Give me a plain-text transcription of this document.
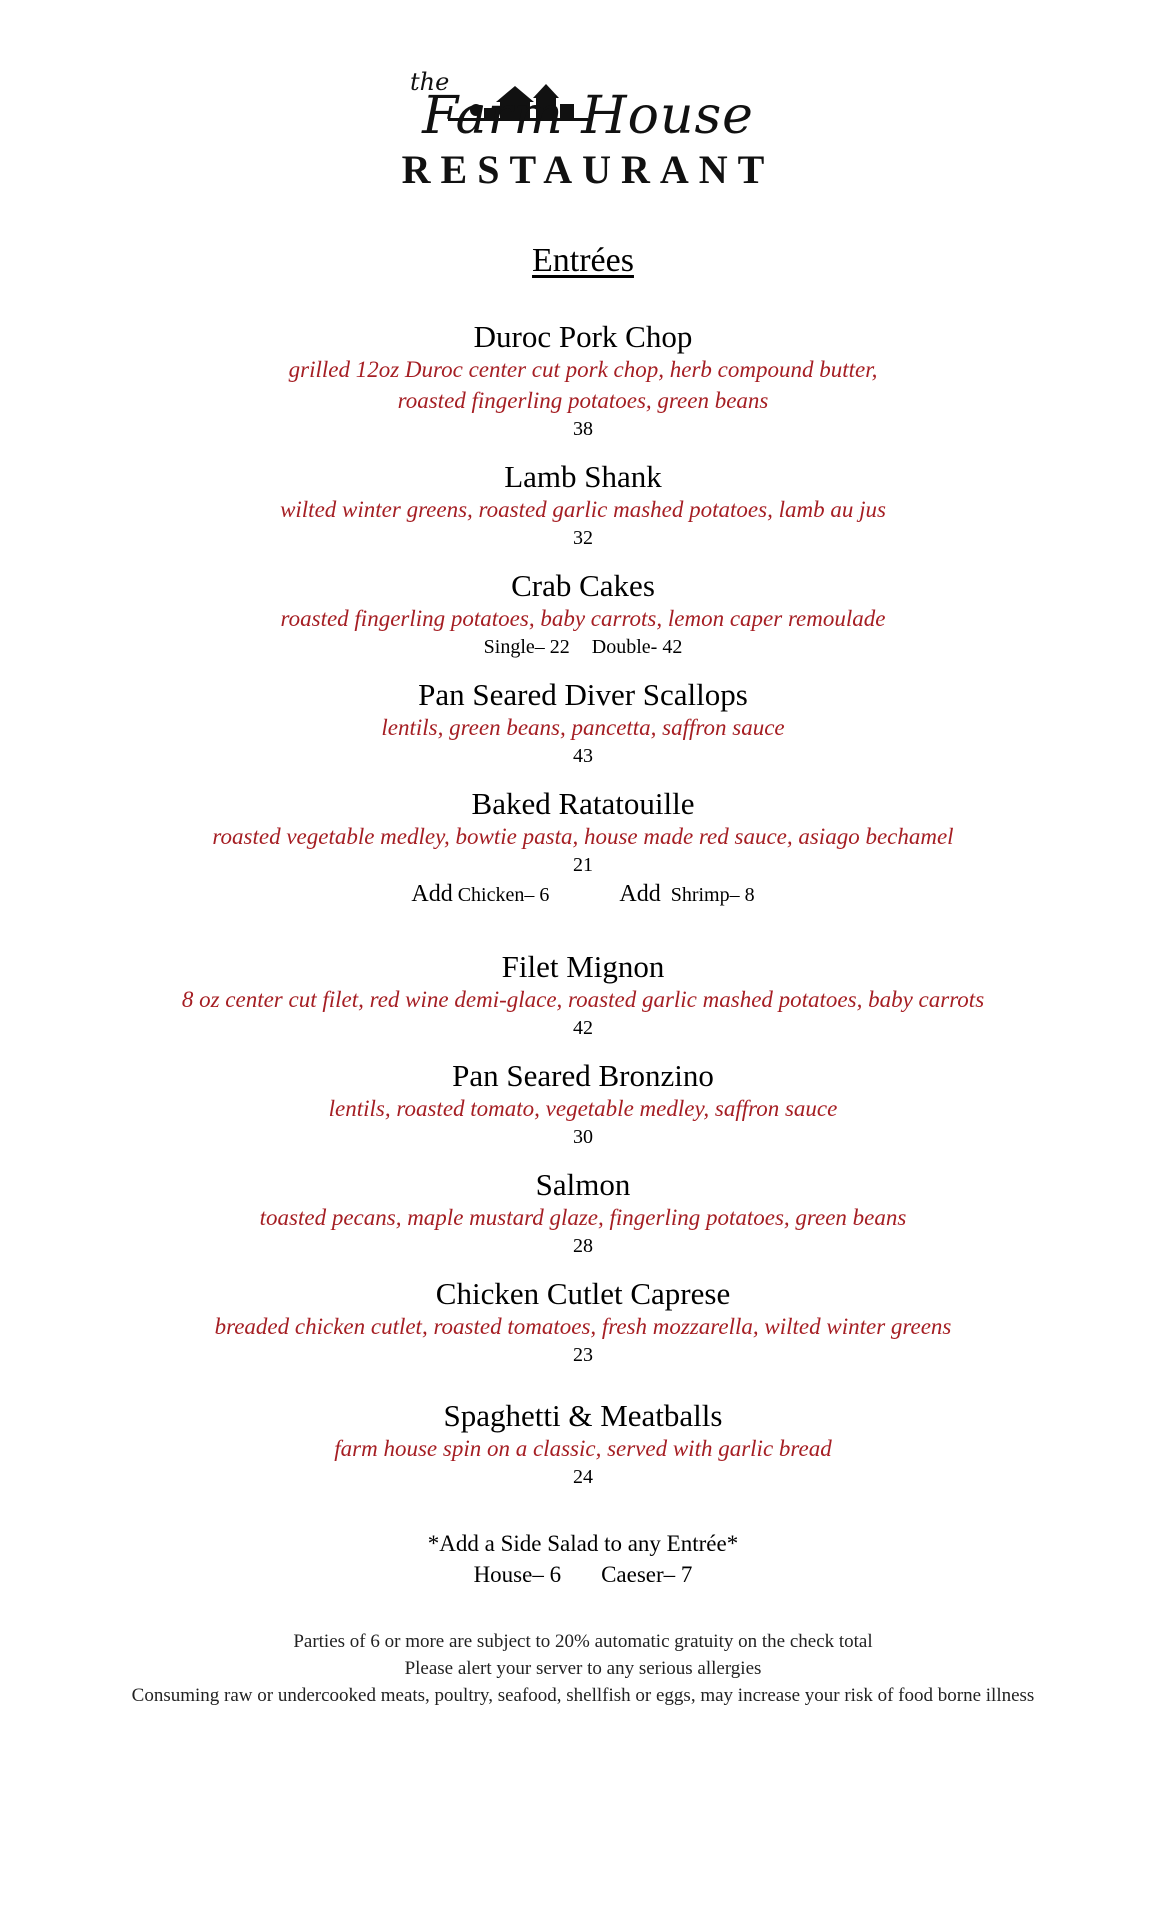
the
Farm House
RESTAURANT
Entrées
Duroc Pork Chop
grilled 12oz Duroc center cut pork chop, herb compound butter,
roasted fingerling potatoes, green beans
38
Lamb Shank
wilted winter greens, roasted garlic mashed potatoes, lamb au jus
32
Crab Cakes
roasted fingerling potatoes, baby carrots, lemon caper remoulade
Single– 22 Double- 42
Pan Seared Diver Scallops
lentils, green beans, pancetta, saffron sauce
43
Baked Ratatouille
roasted vegetable medley, bowtie pasta, house made red sauce, asiago bechamel
21
Add Chicken– 6	Add Shrimp– 8
Filet Mignon
8 oz center cut filet, red wine demi-glace, roasted garlic mashed potatoes, baby carrots
42
Pan Seared Bronzino
lentils, roasted tomato, vegetable medley, saffron sauce
30
Salmon
toasted pecans, maple mustard glaze, fingerling potatoes, green beans
28
Chicken Cutlet Caprese
breaded chicken cutlet, roasted tomatoes, fresh mozzarella, wilted winter greens
23
Spaghetti & Meatballs
farm house spin on a classic, served with garlic bread
24
*Add a Side Salad to any Entrée*
House– 6 Caeser– 7
Parties of 6 or more are subject to 20% automatic gratuity on the check total
Please alert your server to any serious allergies
Consuming raw or undercooked meats, poultry, seafood, shellfish or eggs, may increase your risk of food borne illness
